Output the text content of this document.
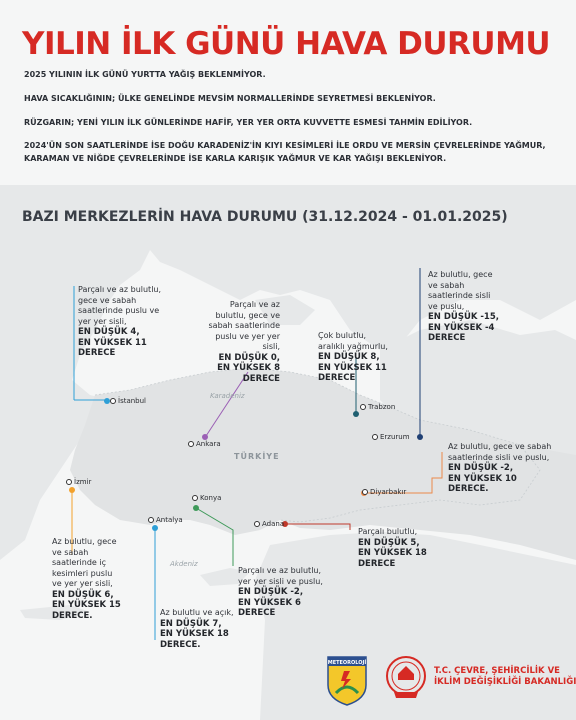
YILIN İLK GÜNÜ HAVA DURUMU

2025 YILININ İLK GÜNÜ YURTTA YAĞIŞ BEKLENMİYOR.

HAVA SICAKLIĞININ; ÜLKE GENELİNDE MEVSİM NORMALLERİNDE SEYRETMESİ BEKLENİYOR.

RÜZGARIN; YENİ YILIN İLK GÜNLERİNDE HAFİF, YER YER ORTA KUVVETTE ESMESİ TAHMİN EDİLİYOR.

2024'ÜN SON SAATLERİNDE İSE DOĞU KARADENİZ'İN KIYI KESİMLERİ İLE ORDU VE MERSİN ÇEVRELERİNDE YAĞMUR, KARAMAN VE NİĞDE ÇEVRELERİNDE İSE KARLA KARIŞIK YAĞMUR VE KAR YAĞIŞI BEKLENİYOR.

BAZI MERKEZLERİN HAVA DURUMU (31.12.2024 - 01.01.2025)
Karadeniz
Akdeniz
TÜRKİYE
İstanbul
Ankara
Trabzon
Erzurum
Diyarbakır
Adana
Konya
Antalya
İzmir
Parçalı ve az bulutlu, gece ve sabah saatlerinde puslu ve yer yer sisli,
EN DÜŞÜK 4,
EN YÜKSEK 11
DERECE
Parçalı ve az bulutlu, gece ve sabah saatlerinde puslu ve yer yer sisli,
EN DÜŞÜK 0,
EN YÜKSEK 8
DERECE
Çok bulutlu, aralıklı yağmurlu,
EN DÜŞÜK 8,
EN YÜKSEK 11 DERECE
Az bulutlu, gece ve sabah saatlerinde sisli ve puslu,
EN DÜŞÜK -15,
EN YÜKSEK -4
DERECE
Az bulutlu, gece ve sabah saatlerinde sisli ve puslu,
EN DÜŞÜK -2,
EN YÜKSEK 10
DERECE.
Parçalı bulutlu,
EN DÜŞÜK 5,
EN YÜKSEK 18
DERECE
Parçalı ve az bulutlu, yer yer sisli ve puslu,
EN DÜŞÜK -2,
EN YÜKSEK 6
DERECE
Az bulutlu ve açık,
EN DÜŞÜK 7,
EN YÜKSEK 18
DERECE.
Az bulutlu, gece ve sabah saatlerinde iç kesimleri puslu ve yer yer sisli,
EN DÜŞÜK 6,
EN YÜKSEK 15
DERECE.
METEOROLOJİ
T.C. ÇEVRE, ŞEHİRCİLİK VE
İKLİM DEĞİŞİKLİĞİ BAKANLIĞI
